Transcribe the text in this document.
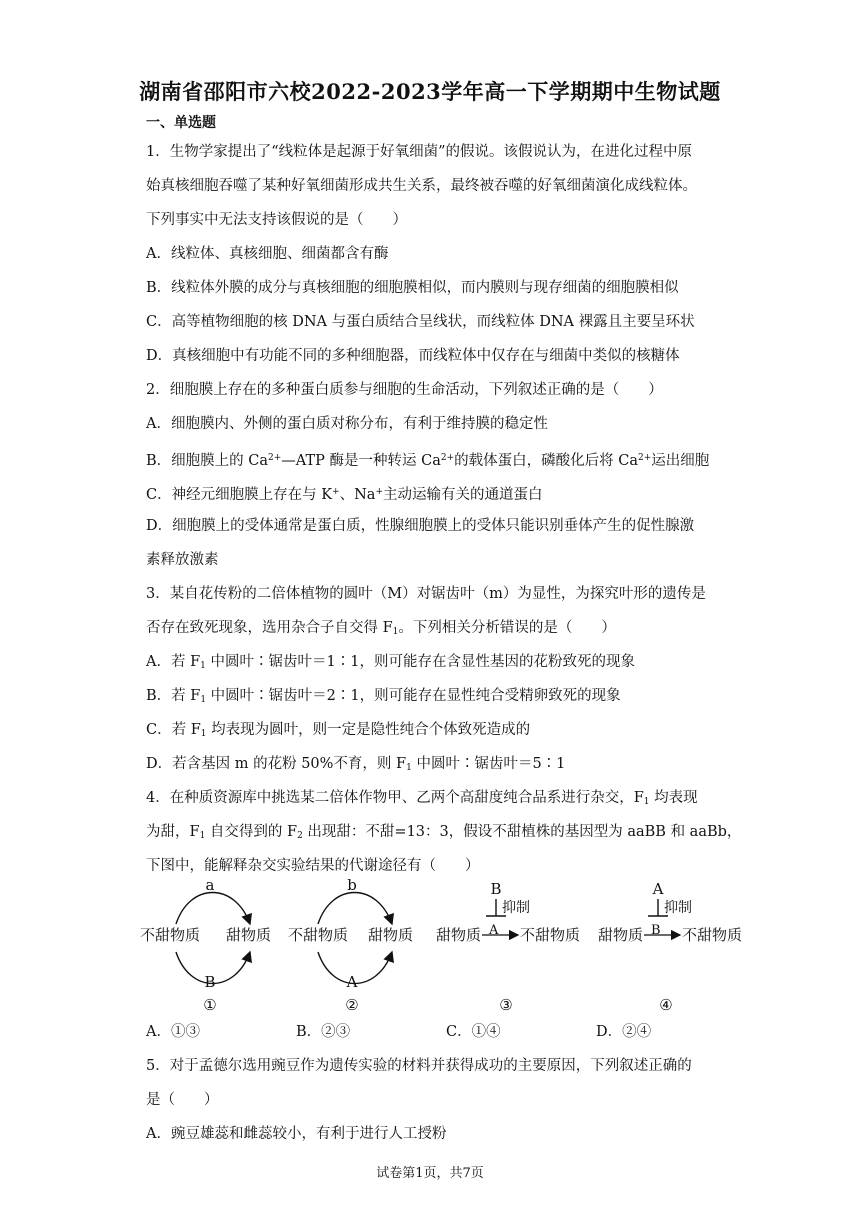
湖南省邵阳市六校2022-2023学年高一下学期期中生物试题
一、单选题
1．生物学家提出了“线粒体是起源于好氧细菌”的假说。该假说认为，在进化过程中原
始真核细胞吞噬了某种好氧细菌形成共生关系，最终被吞噬的好氧细菌演化成线粒体。
下列事实中无法支持该假说的是（　　）
A．线粒体、真核细胞、细菌都含有酶
B．线粒体外膜的成分与真核细胞的细胞膜相似，而内膜则与现存细菌的细胞膜相似
C．高等植物细胞的核 DNA 与蛋白质结合呈线状，而线粒体 DNA 裸露且主要呈环状
D．真核细胞中有功能不同的多种细胞器，而线粒体中仅存在与细菌中类似的核糖体
2．细胞膜上存在的多种蛋白质参与细胞的生命活动，下列叙述正确的是（　　）
A．细胞膜内、外侧的蛋白质对称分布，有利于维持膜的稳定性
B．细胞膜上的 $Ca^{2+}—ATP$ 酶是一种转运 $Ca^{2+}$的载体蛋白，磷酸化后将 $Ca^{2+}$运出细胞
C．神经元细胞膜上存在与 K+、Na+主动运输有关的通道蛋白
D．细胞膜上的受体通常是蛋白质，性腺细胞膜上的受体只能识别垂体产生的促性腺激
素释放激素
3．某自花传粉的二倍体植物的圆叶（M）对锯齿叶（m）为显性，为探究叶形的遗传是
否存在致死现象，选用杂合子自交得 $F_1$。下列相关分析错误的是（　　）
A．若 $F_1$ 中圆叶∶锯齿叶＝1∶1，则可能存在含显性基因的花粉致死的现象
B．若 $F_1$ 中圆叶∶锯齿叶＝2∶1，则可能存在显性纯合受精卵致死的现象
C．若 $F_1$ 均表现为圆叶，则一定是隐性纯合个体致死造成的
D．若含基因 m 的花粉 50%不育，则 $F_1$ 中圆叶∶锯齿叶＝5∶1
4．在种质资源库中挑选某二倍体作物甲、乙两个高甜度纯合品系进行杂交，$F_1$ 均表现
为甜，$F_1$ 自交得到的 $F_2$ 出现甜：不甜=13：3，假设不甜植株的基因型为 aaBB 和 aaBb，
下图中，能解释杂交实验结果的代谢途径有（　　）
a
不甜物质 甜物质
B
①
b
不甜物质 甜物质
A
②
B
抑制
A
甜物质	不甜物质
③
A
抑制
B
甜物质	不甜物质
④
A．①③	B．②③	C．①④	D．②④
5．对于孟德尔选用豌豆作为遗传实验的材料并获得成功的主要原因，下列叙述正确的
是（　　）
A．豌豆雄蕊和雌蕊较小，有利于进行人工授粉
试卷第1页，共7页
